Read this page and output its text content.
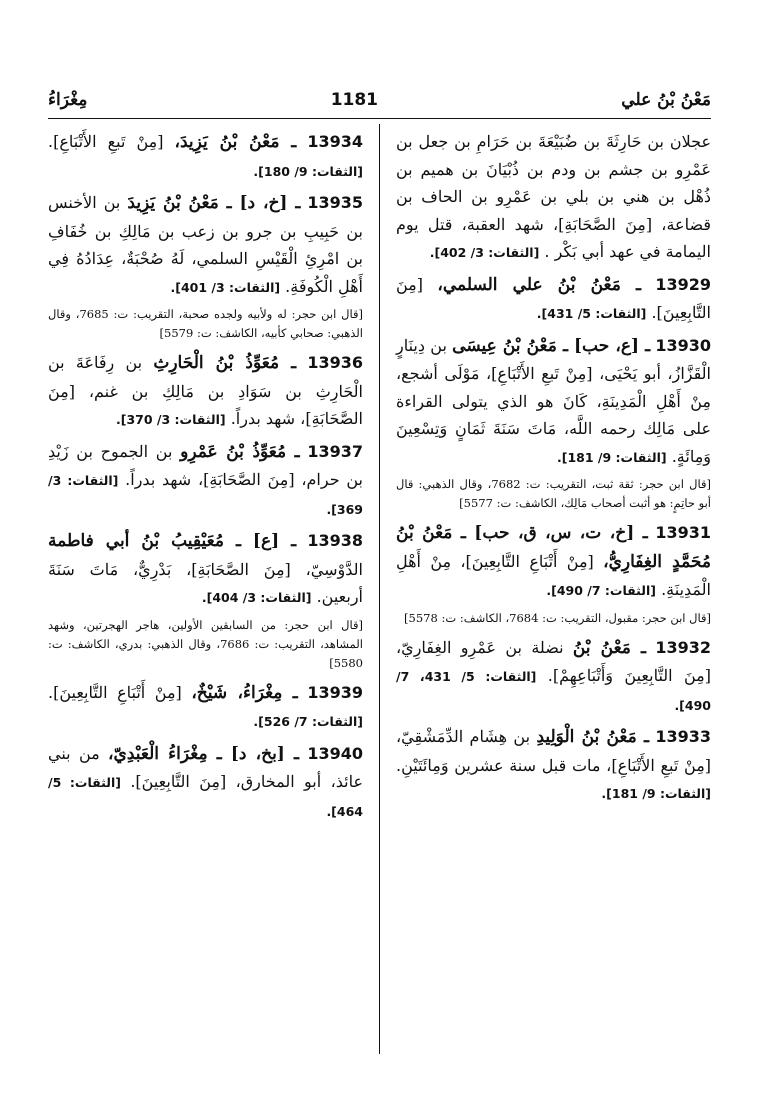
مَعْنُ بْنُ علي
1181
مِغْرَاءُ
عجلان بن حَارِثَةَ بن ضُبَيْعَةَ بن حَرَامِ بن جعل بن عَمْرِو بن جشم بن ودم بن ذُبْيَانَ بن هميم بن ذُهْل بن هني بن بلي بن عَمْرِو بن الحاف بن قضاعة، [مِنَ الصَّحَابَةِ]، شهد العقبة، قتل يوم اليمامة في عهد أبي بَكْر . [الثقات: 3/ 402].
13929 ـ مَعْنُ بْنُ علي السلمي، [مِنَ التَّابِعِينَ]. [الثقات: 5/ 431].
13930 ـ [ع، حب] ـ مَعْنُ بْنُ عِيسَى بن دِينَارٍ الْقَزَّازُ، أبو يَحْيَى، [مِنْ تَبعِ الأَتْبَاعِ]، مَوْلَى أشجع، مِنْ أَهْلِ الْمَدِينَةِ، كَانَ هو الذي يتولى القراءة على مَالِك رحمه اللَّه، مَاتَ سَنَةَ ثَمَانٍ وَتِسْعِينَ وَمِائَةٍ. [الثقات: 9/ 181].
[قال ابن حجر: ثقة ثبت، التقريب: ت: 7682، وقال الذهبي: قال أبو حاتِمٍ: هو أثبت أصحاب مَالِك، الكاشف: ت: 5577]
13931 ـ [خ، ت، س، ق، حب] ـ مَعْنُ بْنُ مُحَمَّدٍ الغِفَارِيُّ، [مِنْ أَتْبَاعِ التَّابِعِينَ]، مِنْ أَهْلِ الْمَدِينَةِ. [الثقات: 7/ 490].
[قال ابن حجر: مقبول، التقريب: ت: 7684، الكاشف: ت: 5578]
13932 ـ مَعْنُ بْنُ نضلة بن عَمْرِو الغِفَارِيّ، [مِنَ التَّابِعِينَ وَأَتْبَاعِهِمْ]. [الثقات: 5/ 431، 7/ 490].
13933 ـ مَعْنُ بْنُ الْوَلِيدِ بن هِشَام الدِّمَشْقِيّ، [مِنْ تَبعِ الأَتْبَاعِ]، مات قبل سنة عشرين وَمِائَتَيْنِ. [الثقات: 9/ 181].
13934 ـ مَعْنُ بْنُ يَزِيدَ، [مِنْ تَبعِ الأَتْبَاعِ]. [الثقات: 9/ 180].
13935 ـ [خ، د] ـ مَعْنُ بْنُ يَزِيدَ بن الأخنس بن حَبِيبِ بن جرو بن زعب بن مَالِكِ بن خُفَافِ بن امْرِئِ الْقَيْسِ السلمي، لَهُ صُحْبَةٌ، عِدَادُهُ فِي أَهْلِ الْكُوفَةِ. [الثقات: 3/ 401].
[قال ابن حجر: له ولأبيه ولجده صحبة، التقريب: ت: 7685، وقال الذهبي: صحابي كأبيه، الكاشف: ت: 5579]
13936 ـ مُعَوِّذُ بْنُ الْحَارِثِ بن رِفَاعَةَ بن الْحَارِثِ بن سَوَادِ بن مَالِكِ بن غنم، [مِنَ الصَّحَابَةِ]، شهد بدراً. [الثقات: 3/ 370].
13937 ـ مُعَوِّذُ بْنُ عَمْرِو بن الجموح بن زَيْدِ بن حرام، [مِنَ الصَّحَابَةِ]، شهد بدراً. [الثقات: 3/ 369].
13938 ـ [ع] ـ مُعَيْقِيبُ بْنُ أبي فاطمة الدَّوْسِيّ، [مِنَ الصَّحَابَةِ]، بَدْرِيٌّ، مَاتَ سَنَةَ أربعين. [الثقات: 3/ 404].
[قال ابن حجر: من السابقين الأولين، هاجر الهجرتين، وشهد المشاهد، التقريب: ت: 7686، وقال الذهبي: بدري، الكاشف: ت: 5580]
13939 ـ مِغْرَاءُ، شَيْخٌ، [مِنْ أَتْبَاعِ التَّابِعِينَ]. [الثقات: 7/ 526].
13940 ـ [بخ، د] ـ مِغْرَاءُ الْعَبْدِيّ، من بني عائذ، أبو المخارق، [مِنَ التَّابِعِينَ]. [الثقات: 5/ 464].
